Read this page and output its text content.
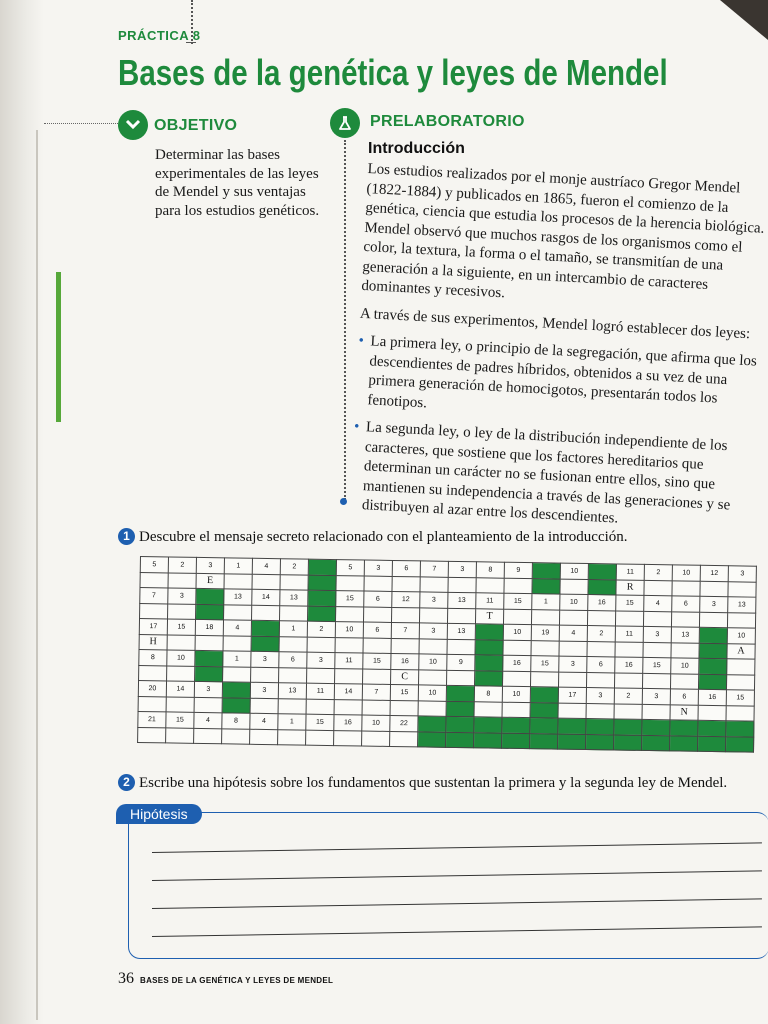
PRÁCTICA 8
Bases de la genética y leyes de Mendel
OBJETIVO
Determinar las bases experimentales de las leyes de Mendel y sus ventajas para los estudios genéticos.
PRELABORATORIO
Introducción

Los estudios realizados por el monje austríaco Gregor Mendel (1822-1884) y publicados en 1865, fueron el comienzo de la genética, ciencia que estudia los procesos de la herencia biológica. Mendel observó que muchos rasgos de los organismos como el color, la textura, la forma o el tamaño, se transmitían de una generación a la siguiente, en un intercambio de caracteres dominantes y recesivos.

A través de sus experimentos, Mendel logró establecer dos leyes:

• La primera ley, o principio de la segregación, que afirma que los descendientes de padres híbridos, obtenidos a su vez de una primera generación de homocigotos, presentarán todos los fenotipos.

• La segunda ley, o ley de la distribución independiente de los caracteres, que sostiene que los factores hereditarios que determinan un carácter no se fusionan entre ellos, sino que mantienen su independencia a través de las generaciones y se distribuyen al azar entre los descendientes.

1 Descubre el mensaje secreto relacionado con el planteamiento de la introducción.
5	2	3	1	4	2		5	3	6	7	3	8	9		10		11	2	10	12	3
		E															R				
7	3		13	14	13		15	6	12	3	13	11	15	1	10	16	15	4	6	3	13
												T									
17	15	18	4		1	2	10	6	7	3	13		10	19	4	2	11	3	13		10
H																					A
8	10		1	3	6	3	11	15	16	10	9		16	15	3	6	16	15	10		
									C												
20	14	3		3	13	11	14	7	15	10		8	10		17	3	2	3	6	16	15
																			N		
21	15	4	8	4	1	15	16	10	22												

2 Escribe una hipótesis sobre los fundamentos que sustentan la primera y la segunda ley de Mendel.
Hipótesis
36 BASES DE LA GENÉTICA Y LEYES DE MENDEL
